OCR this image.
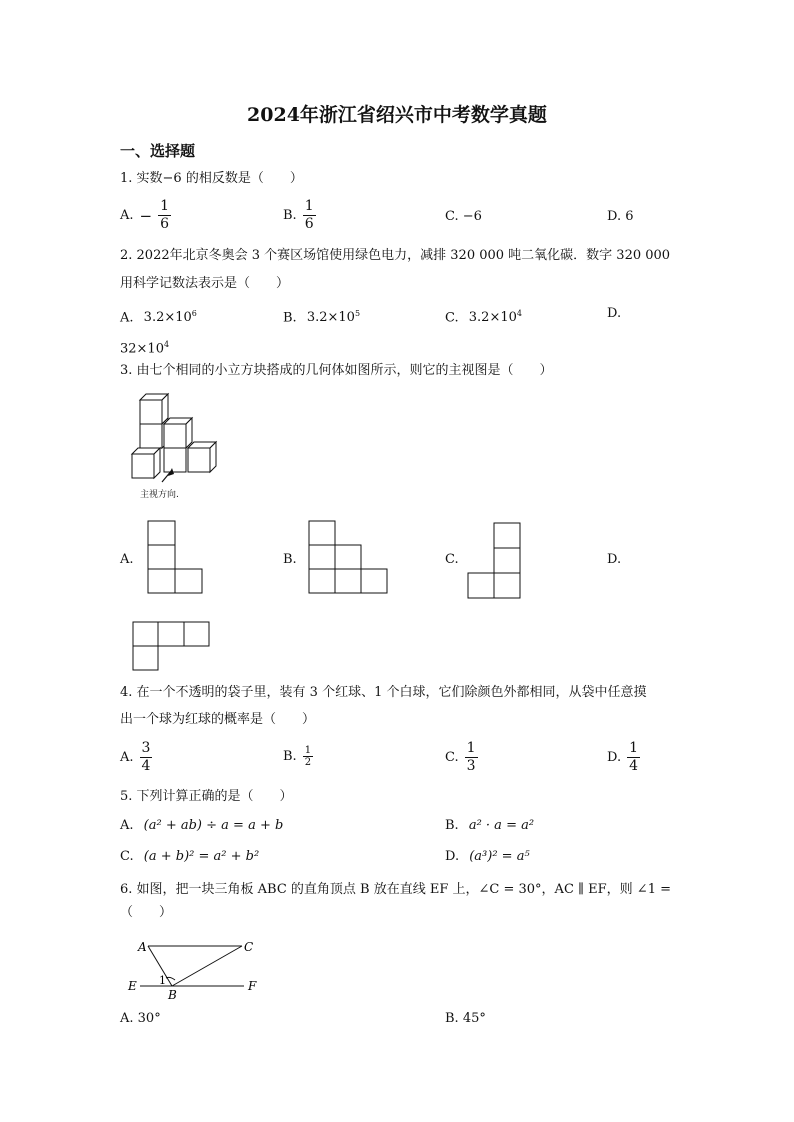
2024年浙江省绍兴市中考数学真题
一、选择题
1. 实数−6 的相反数是（　　）
A. − $\frac{1}{6}$	B. $\frac{1}{6}$	C. −6	D. 6
2. 2022年北京冬奥会 3 个赛区场馆使用绿色电力，减排 320 000 吨二氧化碳．数字 320 000
用科学记数法表示是（　　）
A. $3.2\times 10^6$	B. $3.2\times 10^5$	C. $3.2\times 10^4$	D.
$32\times 10^4$
3. 由七个相同的小立方块搭成的几何体如图所示，则它的主视图是（　　）
主视方向.
A.	B.	C.	D.
4. 在一个不透明的袋子里，装有 3 个红球、1 个白球，它们除颜色外都相同，从袋中任意摸
出一个球为红球的概率是（　　）
A. $\frac{3}{4}$	B. $\frac{1}{2}$	C. $\frac{1}{3}$	D. $\frac{1}{4}$
5. 下列计算正确的是（　　）
A. (a² + ab) ÷ a = a + b	B. a² · a = a²
C. (a + b)² = a² + b²	D. (a³)² = a⁵
6. 如图，把一块三角板 ABC 的直角顶点 B 放在直线 EF 上，∠C = 30°，AC ∥ EF，则 ∠1 =
（　　）
A	C
E
B
F
1
A. 30°	B. 45°
